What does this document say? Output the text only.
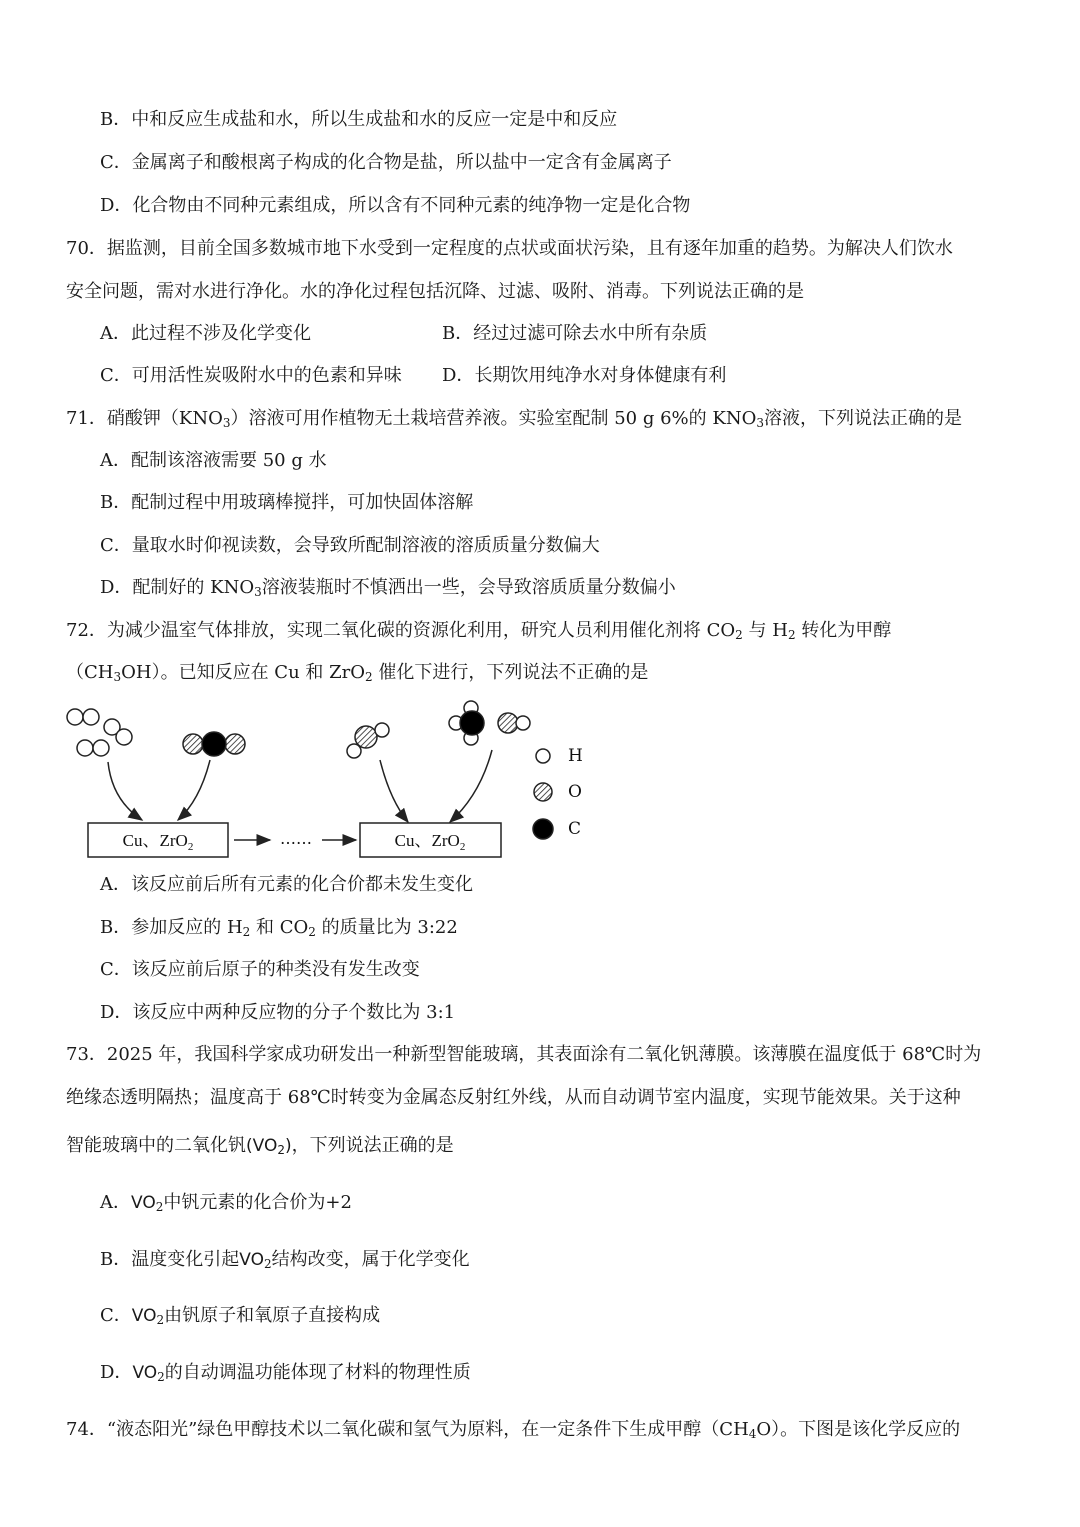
B．中和反应生成盐和水，所以生成盐和水的反应一定是中和反应
C．金属离子和酸根离子构成的化合物是盐，所以盐中一定含有金属离子
D．化合物由不同种元素组成，所以含有不同种元素的纯净物一定是化合物
70．据监测，目前全国多数城市地下水受到一定程度的点状或面状污染，且有逐年加重的趋势。为解决人们饮水
安全问题，需对水进行净化。水的净化过程包括沉降、过滤、吸附、消毒。下列说法正确的是
A．此过程不涉及化学变化	B．经过过滤可除去水中所有杂质
C．可用活性炭吸附水中的色素和异味 D．长期饮用纯净水对身体健康有利
71．硝酸钾$(KNO_3)$溶液可用作植物无土栽培营养液。实验室配制 50 g 6%的 $KNO_3$溶液，下列说法正确的是
A．配制该溶液需要 50 g 水
B．配制过程中用玻璃棒搅拌，可加快固体溶解
C．量取水时仰视读数，会导致所配制溶液的溶质质量分数偏大
D．配制好的 $KNO_3$溶液装瓶时不慎洒出一些，会导致溶质质量分数偏小
72．为减少温室气体排放，实现二氧化碳的资源化利用，研究人员利用催化剂将 $CO_2$ 与 $H_2$ 转化为甲醇
$(CH_3OH)$。已知反应在 Cu 和 ZrO$_2$ 催化下进行，下列说法不正确的是
Cu、ZrO$_2$	……	Cu、ZrO$_2$
H
O
C
A．该反应前后所有元素的化合价都未发生变化
B．参加反应的 $H_2$ 和 $CO_2$ 的质量比为 3:22
C．该反应前后原子的种类没有发生改变
D．该反应中两种反应物的分子个数比为 3:1
73．2025 年，我国科学家成功研发出一种新型智能玻璃，其表面涂有二氧化钒薄膜。该薄膜在温度低于 68℃时为
绝缘态透明隔热；温度高于 68℃时转变为金属态反射红外线，从而自动调节室内温度，实现节能效果。关于这种
智能玻璃中的二氧化钒$(VO_2)$，下列说法正确的是
A．$VO_2$中钒元素的化合价为+2
B．温度变化引起$VO_2$结构改变，属于化学变化
C．$VO_2$由钒原子和氧原子直接构成
D．$VO_2$的自动调温功能体现了材料的物理性质
74．“液态阳光”绿色甲醇技术以二氧化碳和氢气为原料，在一定条件下生成甲醇$(CH_4O)$。下图是该化学反应的
